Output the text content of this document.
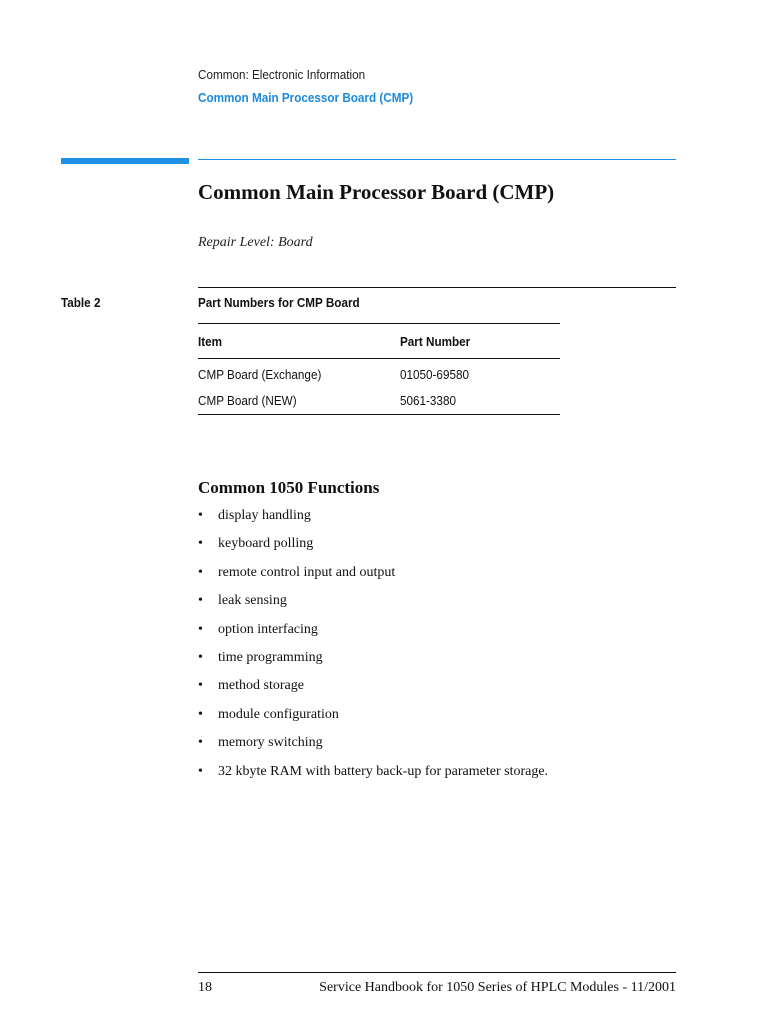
Common: Electronic Information
Common Main Processor Board (CMP)
Common Main Processor Board (CMP)
Repair Level: Board
Table 2	Part Numbers for CMP Board
Item	Part Number
CMP Board (Exchange)	01050-69580
CMP Board (NEW)	5061-3380
Common 1050 Functions
•	display handling
•	keyboard polling
•	remote control input and output
•	leak sensing
•	option interfacing
•	time programming
•	method storage
•	module configuration
•	memory switching
•	32 kbyte RAM with battery back-up for parameter storage.
18	Service Handbook for 1050 Series of HPLC Modules - 11/2001
